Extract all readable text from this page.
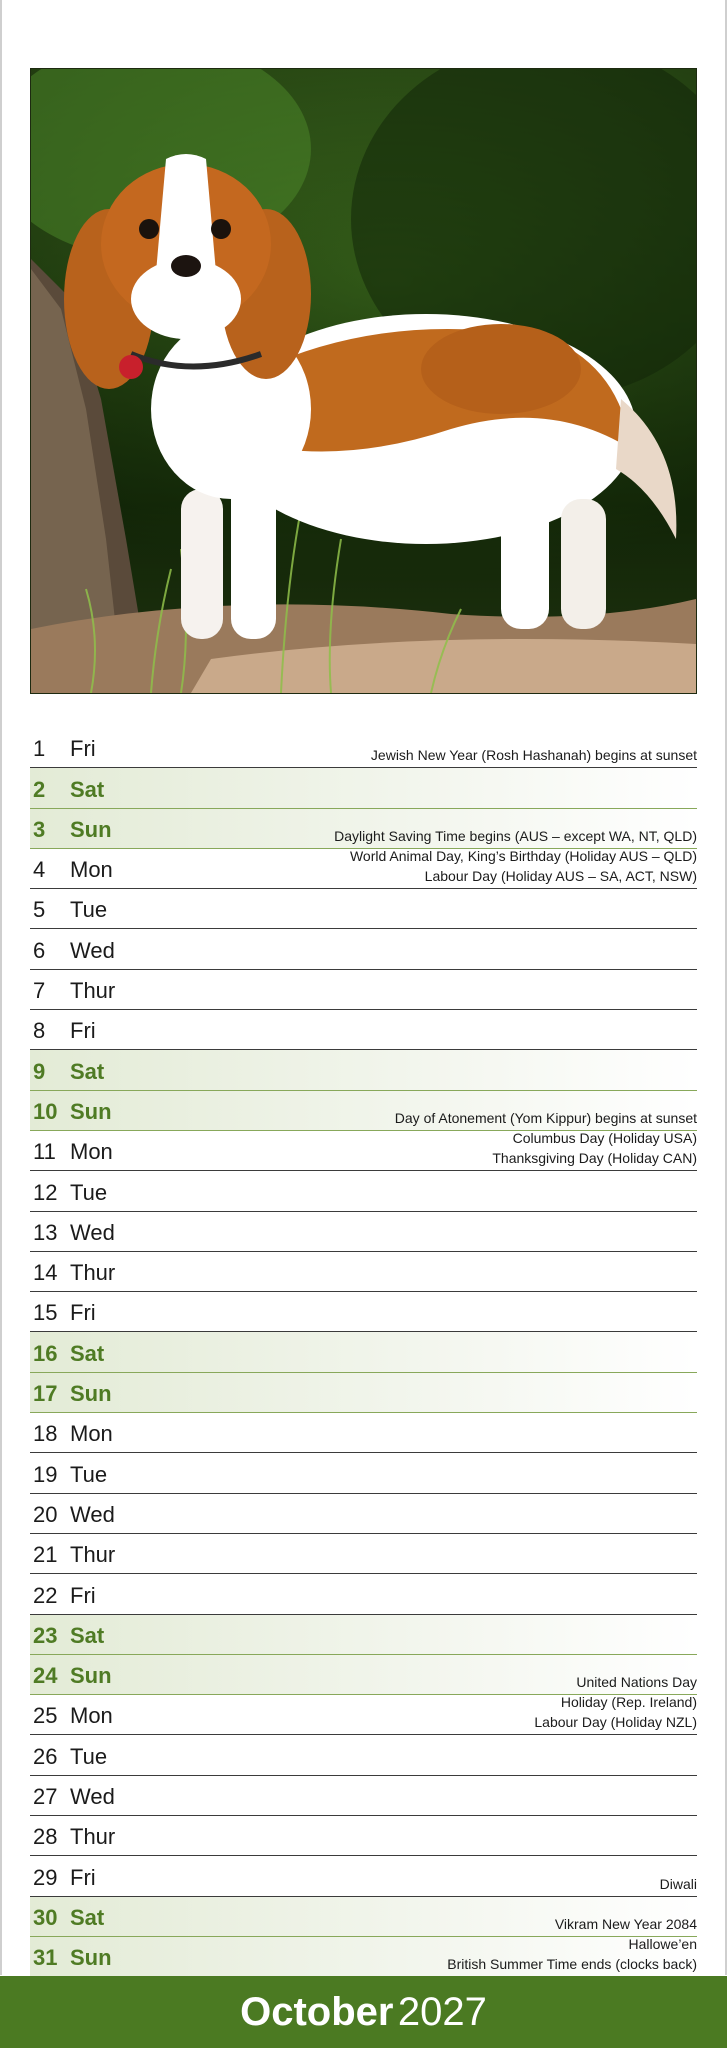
1	Fri	Jewish New Year (Rosh Hashanah) begins at sunset
2	Sat
3	Sun	Daylight Saving Time begins (AUS – except WA, NT, QLD)
4	Mon
World Animal Day, King’s Birthday (Holiday AUS – QLD)
Labour Day (Holiday AUS – SA, ACT, NSW)
5	Tue
6	Wed
7	Thur
8	Fri
9	Sat
10 Sun	Day of Atonement (Yom Kippur) begins at sunset
11 Mon
Columbus Day (Holiday USA)
Thanksgiving Day (Holiday CAN)
12 Tue
13 Wed
14 Thur
15 Fri
16 Sat
17 Sun
18 Mon
19 Tue
20 Wed
21 Thur
22 Fri
23 Sat
24 Sun	United Nations Day
25 Mon
Holiday (Rep. Ireland)
Labour Day (Holiday NZL)
26 Tue
27 Wed
28 Thur
29 Fri	Diwali
30 Sat	Vikram New Year 2084
31 Sun
Hallowe’en
British Summer Time ends (clocks back)
October 2027
